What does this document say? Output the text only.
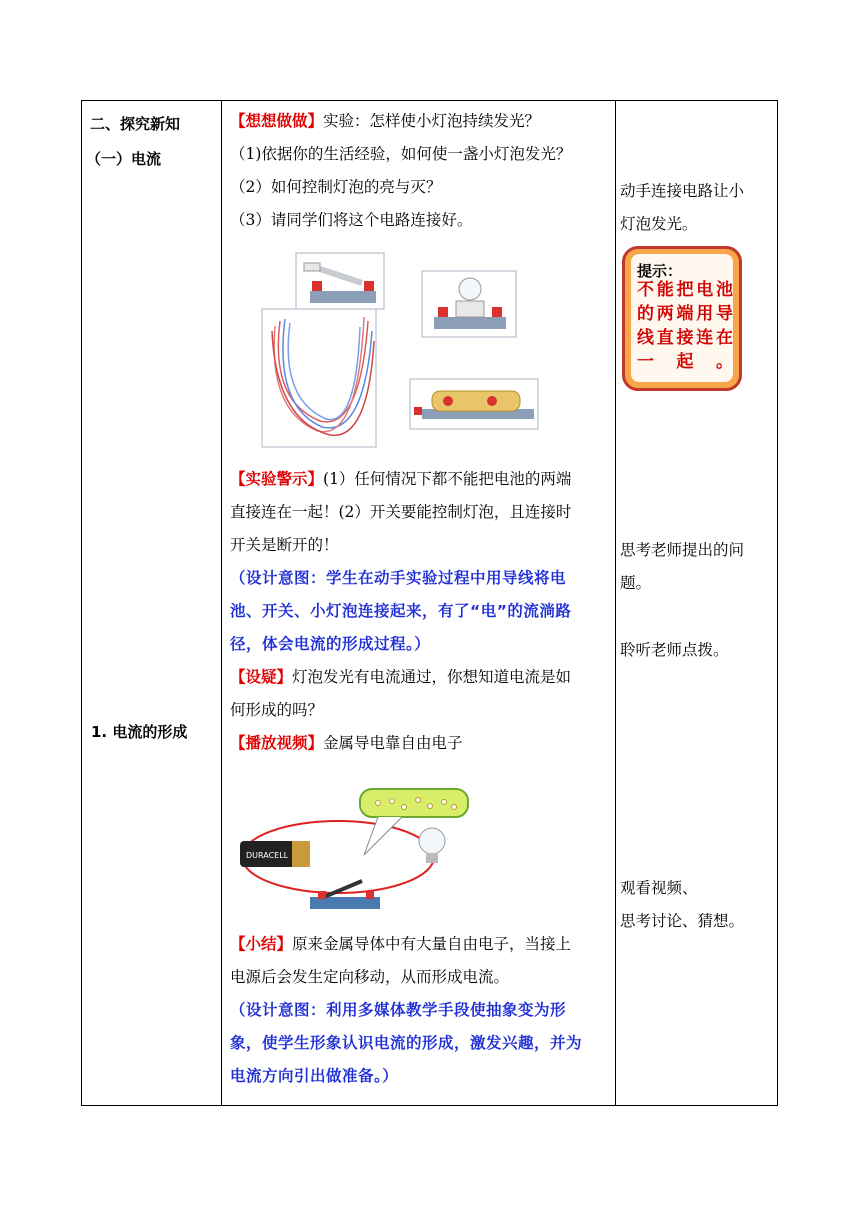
二、探究新知
（一）电流
1. 电流的形成

【想想做做】实验：怎样使小灯泡持续发光？

（1)依据你的生活经验，如何使一盏小灯泡发光？

（2）如何控制灯泡的亮与灭？

（3）请同学们将这个电路连接好。

【实验警示】(1）任何情况下都不能把电池的两端

直接连在一起！(2）开关要能控制灯泡，且连接时

开关是断开的！

（设计意图：学生在动手实验过程中用导线将电

池、开关、小灯泡连接起来，有了“电”的流淌路

径，体会电流的形成过程。）

【设疑】灯泡发光有电流通过，你想知道电流是如

何形成的吗？

【播放视频】金属导电靠自由电子

DURACELL

【小结】原来金属导体中有大量自由电子，当接上

电源后会发生定向移动，从而形成电流。

（设计意图：利用多媒体教学手段使抽象变为形

象，使学生形象认识电流的形成，激发兴趣，并为

电流方向引出做准备。）

动手连接电路让小

灯泡发光。

提示：
不能把电池的两端用导线直接连在一起。

思考老师提出的问

题。

聆听老师点拨。

观看视频、

思考讨论、猜想。
